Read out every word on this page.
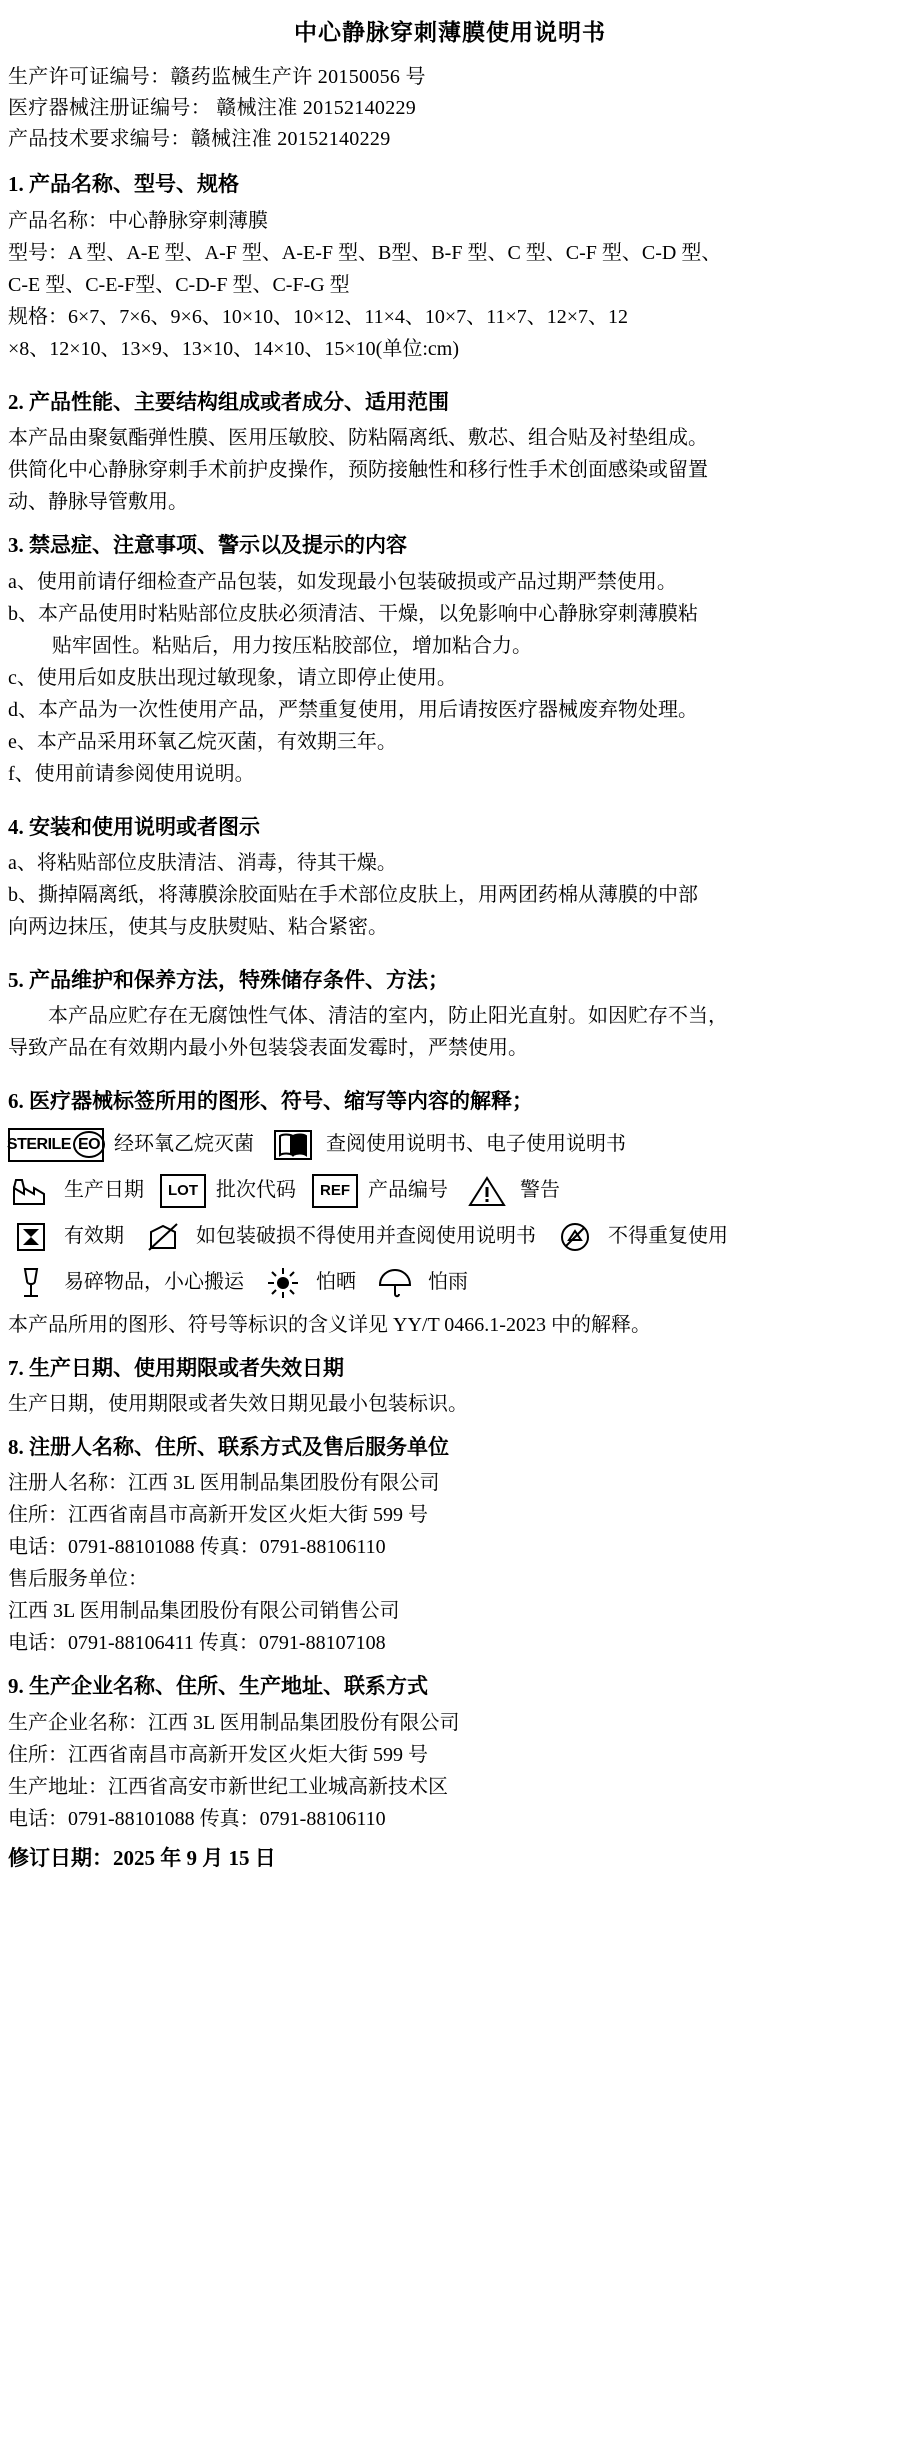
中心静脉穿刺薄膜使用说明书

生产许可证编号：赣药监械生产许 20150056 号

医疗器械注册证编号： 赣械注准 20152140229

产品技术要求编号：赣械注准 20152140229

1. 产品名称、型号、规格

产品名称：中心静脉穿刺薄膜

型号：A 型、A-E 型、A-F 型、A-E-F 型、B型、B-F 型、C 型、C-F 型、C-D 型、

C-E 型、C-E-F型、C-D-F 型、C-F-G 型

规格：6×7、7×6、9×6、10×10、10×12、11×4、10×7、11×7、12×7、12

×8、12×10、13×9、13×10、14×10、15×10(单位:cm)

2. 产品性能、主要结构组成或者成分、适用范围

本产品由聚氨酯弹性膜、医用压敏胶、防粘隔离纸、敷芯、组合贴及衬垫组成。

供简化中心静脉穿刺手术前护皮操作，预防接触性和移行性手术创面感染或留置

动、静脉导管敷用。

3. 禁忌症、注意事项、警示以及提示的内容

a、使用前请仔细检查产品包装，如发现最小包装破损或产品过期严禁使用。

b、本产品使用时粘贴部位皮肤必须清洁、干燥，以免影响中心静脉穿刺薄膜粘

贴牢固性。粘贴后，用力按压粘胶部位，增加粘合力。

c、使用后如皮肤出现过敏现象，请立即停止使用。

d、本产品为一次性使用产品，严禁重复使用，用后请按医疗器械废弃物处理。

e、本产品采用环氧乙烷灭菌，有效期三年。

f、使用前请参阅使用说明。

4. 安装和使用说明或者图示

a、将粘贴部位皮肤清洁、消毒，待其干燥。

b、撕掉隔离纸，将薄膜涂胶面贴在手术部位皮肤上，用两团药棉从薄膜的中部

向两边抹压，使其与皮肤熨贴、粘合紧密。

5. 产品维护和保养方法，特殊储存条件、方法；

本产品应贮存在无腐蚀性气体、清洁的室内，防止阳光直射。如因贮存不当，

导致产品在有效期内最小外包装袋表面发霉时，严禁使用。

6. 医疗器械标签所用的图形、符号、缩写等内容的解释；
STERILE EO 经环氧乙烷灭菌	查阅使用说明书、电子使用说明书
生产日期	LOT 批次代码	REF 产品编号	警告
有效期	如包装破损不得使用并查阅使用说明书	不得重复使用
易碎物品，小心搬运	怕晒	怕雨

本产品所用的图形、符号等标识的含义详见 YY/T 0466.1-2023 中的解释。

7. 生产日期、使用期限或者失效日期

生产日期，使用期限或者失效日期见最小包装标识。

8. 注册人名称、住所、联系方式及售后服务单位

注册人名称：江西 3L 医用制品集团股份有限公司

住所：江西省南昌市高新开发区火炬大街 599 号

电话：0791-88101088 传真：0791-88106110

售后服务单位：

江西 3L 医用制品集团股份有限公司销售公司

电话：0791-88106411 传真：0791-88107108

9. 生产企业名称、住所、生产地址、联系方式

生产企业名称：江西 3L 医用制品集团股份有限公司

住所：江西省南昌市高新开发区火炬大街 599 号

生产地址：江西省高安市新世纪工业城高新技术区

电话：0791-88101088 传真：0791-88106110

修订日期：2025 年 9 月 15 日
